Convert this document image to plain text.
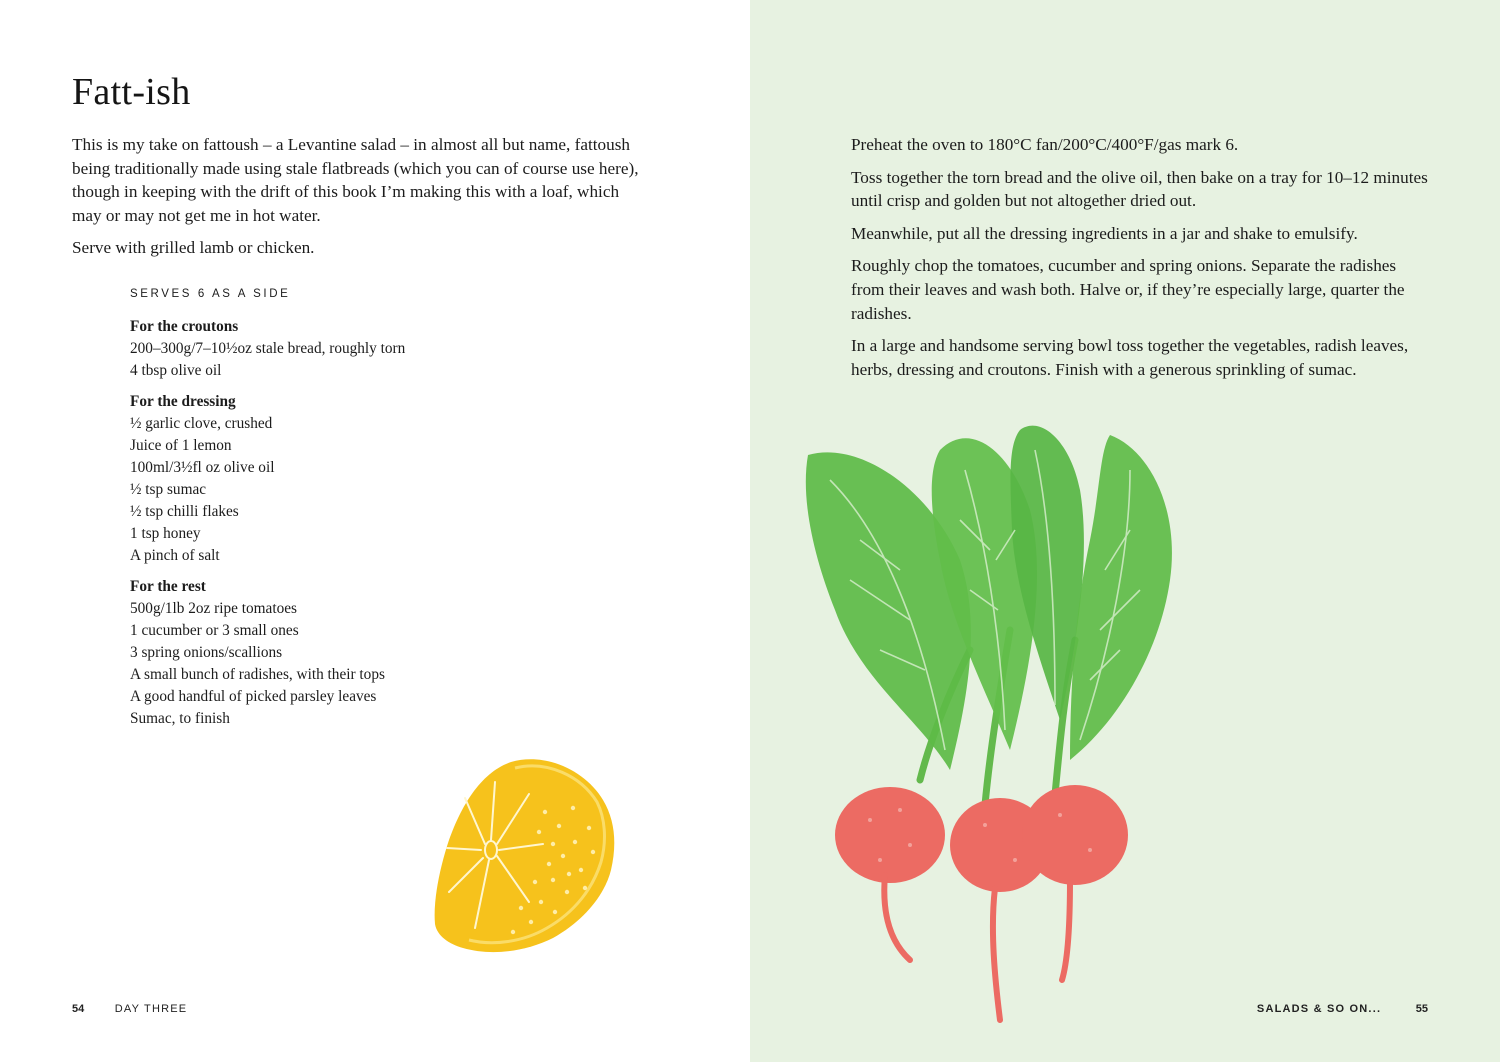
Fatt-ish

This is my take on fattoush – a Levantine salad – in almost all but name, fattoush being traditionally made using stale flatbreads (which you can of course use here), though in keeping with the drift of this book I’m making this with a loaf, which may or may not get me in hot water.

Serve with grilled lamb or chicken.

SERVES 6 AS A SIDE
For the croutons
200–300g/7–10½oz stale bread, roughly torn
4 tbsp olive oil
For the dressing
½ garlic clove, crushed
Juice of 1 lemon
100ml/3½fl oz olive oil
½ tsp sumac
½ tsp chilli flakes
1 tsp honey
A pinch of salt
For the rest
500g/1lb 2oz ripe tomatoes
1 cucumber or 3 small ones
3 spring onions/scallions
A small bunch of radishes, with their tops
A good handful of picked parsley leaves
Sumac, to finish
54	DAY THREE	SALADS & SO ON...	55

Preheat the oven to 180°C fan/200°C/400°F/gas mark 6.

Toss together the torn bread and the olive oil, then bake on a tray for 10–12 minutes until crisp and golden but not altogether dried out.

Meanwhile, put all the dressing ingredients in a jar and shake to emulsify.

Roughly chop the tomatoes, cucumber and spring onions. Separate the radishes from their leaves and wash both. Halve or, if they’re especially large, quarter the radishes.

In a large and handsome serving bowl toss together the vegetables, radish leaves, herbs, dressing and croutons. Finish with a generous sprinkling of sumac.
